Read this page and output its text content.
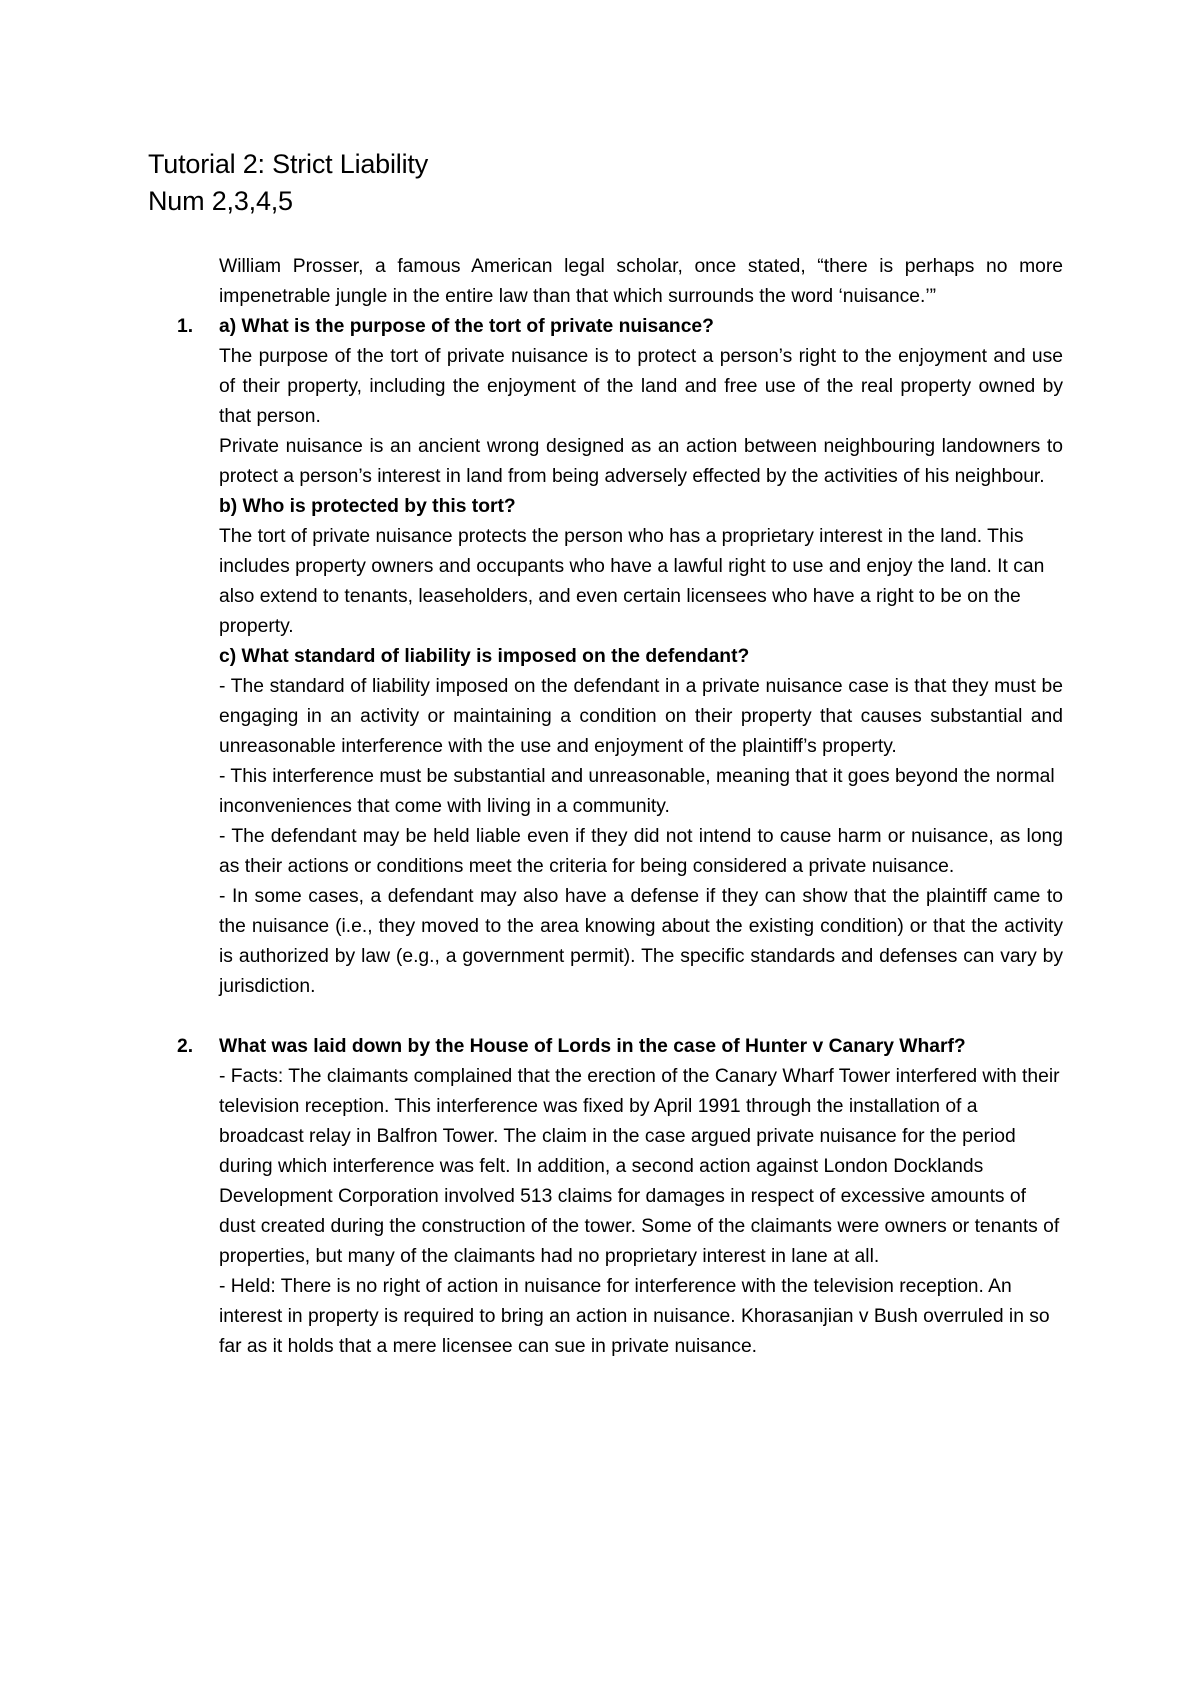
Tutorial 2: Strict Liability

Num 2,3,4,5

William Prosser, a famous American legal scholar, once stated, “there is perhaps no more impenetrable jungle in the entire law than that which surrounds the word ‘nuisance.’”

1. a) What is the purpose of the tort of private nuisance?

The purpose of the tort of private nuisance is to protect a person’s right to the enjoyment and use of their property, including the enjoyment of the land and free use of the real property owned by that person.

Private nuisance is an ancient wrong designed as an action between neighbouring landowners to protect a person’s interest in land from being adversely effected by the activities of his neighbour.

b) Who is protected by this tort?

The tort of private nuisance protects the person who has a proprietary interest in the land. This includes property owners and occupants who have a lawful right to use and enjoy the land. It can also extend to tenants, leaseholders, and even certain licensees who have a right to be on the property.

c) What standard of liability is imposed on the defendant?

- The standard of liability imposed on the defendant in a private nuisance case is that they must be engaging in an activity or maintaining a condition on their property that causes substantial and unreasonable interference with the use and enjoyment of the plaintiff’s property.

- This interference must be substantial and unreasonable, meaning that it goes beyond the normal inconveniences that come with living in a community.

- The defendant may be held liable even if they did not intend to cause harm or nuisance, as long as their actions or conditions meet the criteria for being considered a private nuisance.

- In some cases, a defendant may also have a defense if they can show that the plaintiff came to the nuisance (i.e., they moved to the area knowing about the existing condition) or that the activity is authorized by law (e.g., a government permit). The specific standards and defenses can vary by jurisdiction.

2. What was laid down by the House of Lords in the case of Hunter v Canary Wharf?

- Facts: The claimants complained that the erection of the Canary Wharf Tower interfered with their television reception. This interference was fixed by April 1991 through the installation of a broadcast relay in Balfron Tower. The claim in the case argued private nuisance for the period during which interference was felt. In addition, a second action against London Docklands Development Corporation involved 513 claims for damages in respect of excessive amounts of dust created during the construction of the tower. Some of the claimants were owners or tenants of properties, but many of the claimants had no proprietary interest in lane at all.

- Held: There is no right of action in nuisance for interference with the television reception. An interest in property is required to bring an action in nuisance. Khorasanjian v Bush overruled in so far as it holds that a mere licensee can sue in private nuisance.
